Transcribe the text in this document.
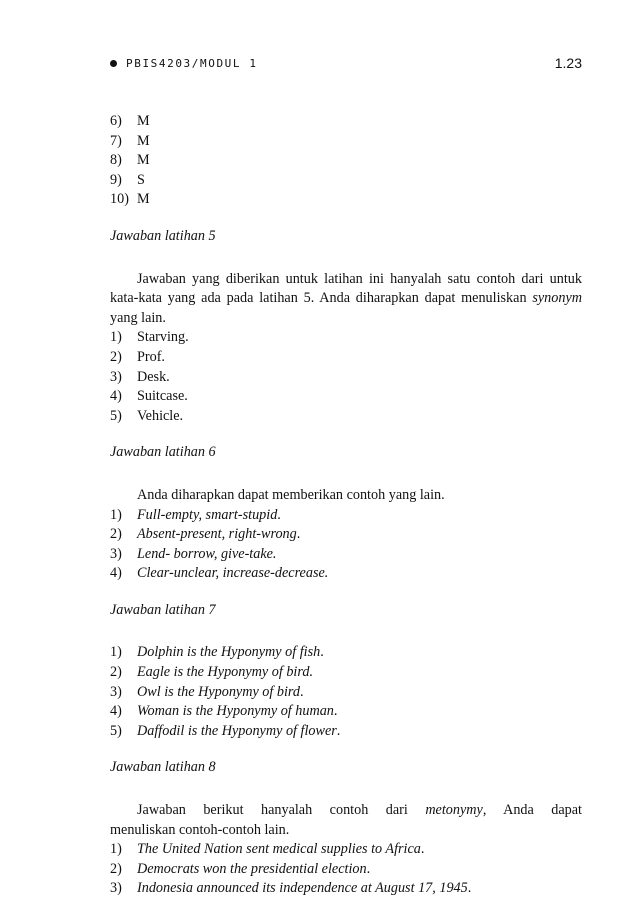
PBIS4203/MODUL 1	1.23
6)	M
7)	M
8)	M
9)	S
10) M
Jawaban latihan 5
Jawaban yang diberikan untuk latihan ini hanyalah satu contoh dari untuk kata-kata yang ada pada latihan 5. Anda diharapkan dapat menuliskan synonym yang lain.
1)	Starving.
2)	Prof.
3)	Desk.
4)	Suitcase.
5)	Vehicle.
Jawaban latihan 6
Anda diharapkan dapat memberikan contoh yang lain.
1)	Full-empty, smart-stupid.
2)	Absent-present, right-wrong.
3)	Lend- borrow, give-take.
4)	Clear-unclear, increase-decrease.
Jawaban latihan 7
1)	Dolphin is the Hyponymy of fish.
2)	Eagle is the Hyponymy of bird.
3)	Owl is the Hyponymy of bird.
4)	Woman is the Hyponymy of human.
5)	Daffodil is the Hyponymy of flower.
Jawaban latihan 8
Jawaban berikut hanyalah contoh dari metonymy, Anda dapat
menuliskan contoh-contoh lain.
1)	The United Nation sent medical supplies to Africa.
2)	Democrats won the presidential election.
3)	Indonesia announced its independence at August 17, 1945.
